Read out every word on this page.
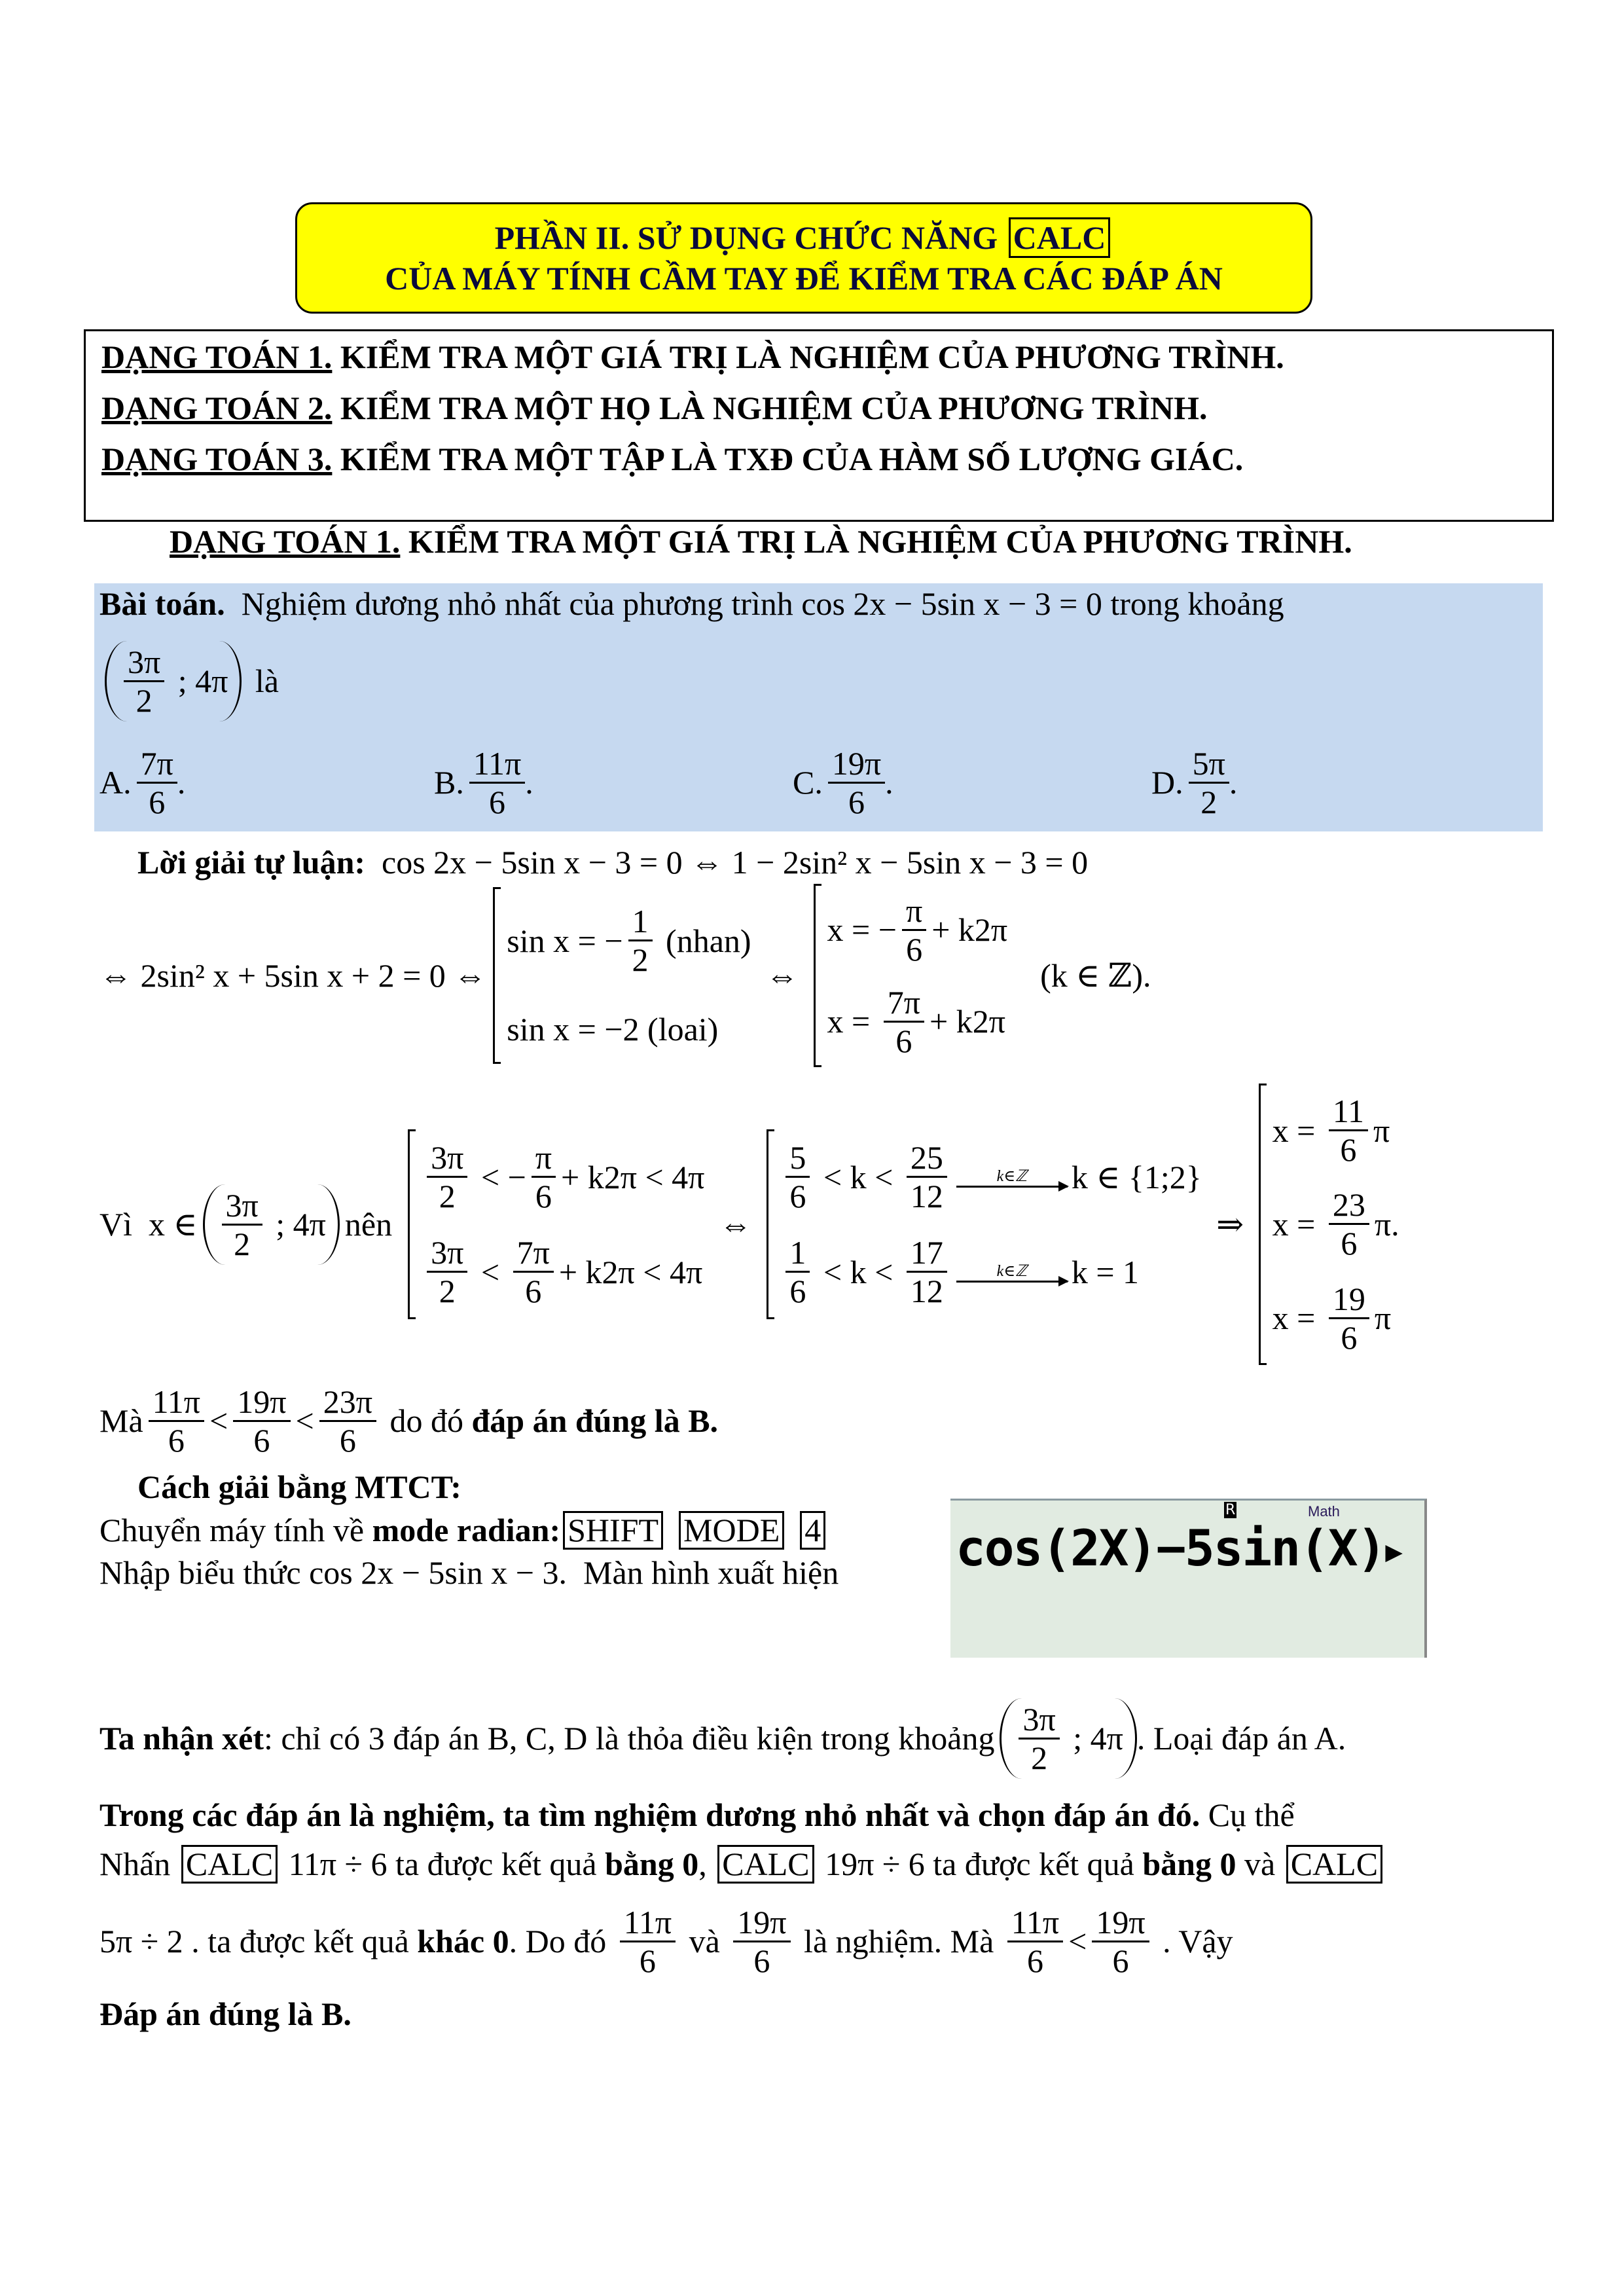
PHẦN II. SỬ DỤNG CHỨC NĂNG CALC
CỦA MÁY TÍNH CẦM TAY ĐỂ KIỂM TRA CÁC ĐÁP ÁN
DẠNG TOÁN 1. KIỂM TRA MỘT GIÁ TRỊ LÀ NGHIỆM CỦA PHƯƠNG TRÌNH.
DẠNG TOÁN 2. KIỂM TRA MỘT HỌ LÀ NGHIỆM CỦA PHƯƠNG TRÌNH.
DẠNG TOÁN 3. KIỂM TRA MỘT TẬP LÀ TXĐ CỦA HÀM SỐ LƯỢNG GIÁC.
DẠNG TOÁN 1. KIỂM TRA MỘT GIÁ TRỊ LÀ NGHIỆM CỦA PHƯƠNG TRÌNH.
Bài toán. Nghiệm dương nhỏ nhất của phương trình cos 2x − 5sin x − 3 = 0 trong khoảng
$\frac{3\pi}{2}$ ; 4π là
A. $\frac{7\pi}{6}$ .	B. $\frac{11\pi}{6}$ .	C. $\frac{19\pi}{6}$ .	D. $\frac{5\pi}{2}$ .
Lời giải tự luận: cos 2x − 5sin x − 3 = 0 ⇔ 1 − 2sin² x − 5sin x − 3 = 0
⇔ 2sin² x + 5sin x + 2 = 0 ⇔
sin x = − $\frac{1}{2}$ (nhan)
sin x = −2 (loai)
⇔
x = − $\frac{\pi}{6} + k2\pi$
$x = \frac{7\pi}{6} + k2\pi$
(k ∈ ℤ).
Vì  x ∈ $\frac{3\pi}{2}$ ; 4π nên
$\frac{3\pi}{2}$ < − $\frac{\pi}{6} + k2\pi < 4\pi$
$\frac{3\pi}{2} < \frac{7\pi}{6} + k2\pi < 4\pi$
⇔
$\frac{5}{6} < k < \frac{25}{12}$	k∈ℤ k ∈ {1;2}
$\frac{1}{6} < k < \frac{17}{12}$	k∈ℤ k = 1
⇒
$x = \frac{11}{6}$ π
$x = \frac{23}{6} \pi$.
$x = \frac{19}{6}$ π
Mà $\frac{11\pi}{6} < \frac{19\pi}{6} < \frac{23\pi}{6}$ do đó đáp án đúng là B.
Cách giải bằng MTCT:
Chuyển máy tính về mode radian: SHIFT MODE 4
Nhập biểu thức cos 2x − 5sin x − 3 .  Màn hình xuất hiện
R	Math
cos(2X)−5sin(X)▶
Ta nhận xét : chỉ có 3 đáp án B, C, D là thỏa điều kiện trong khoảng $\frac{3\pi}{2}$ ; 4π . Loại đáp án A.
Trong các đáp án là nghiệm, ta tìm nghiệm dương nhỏ nhất và chọn đáp án đó. Cụ thể
Nhấn CALC 11π ÷ 6 ta được kết quả bằng 0 , CALC 19π ÷ 6 ta được kết quả bằng 0 và CALC
5π ÷ 2 . ta được kết quả khác 0 . Do đó $\frac{11\pi}{6}$ và $\frac{19\pi}{6}$ là nghiệm. Mà $\frac{11\pi}{6} < \frac{19\pi}{6}$ . Vậy
Đáp án đúng là B.
